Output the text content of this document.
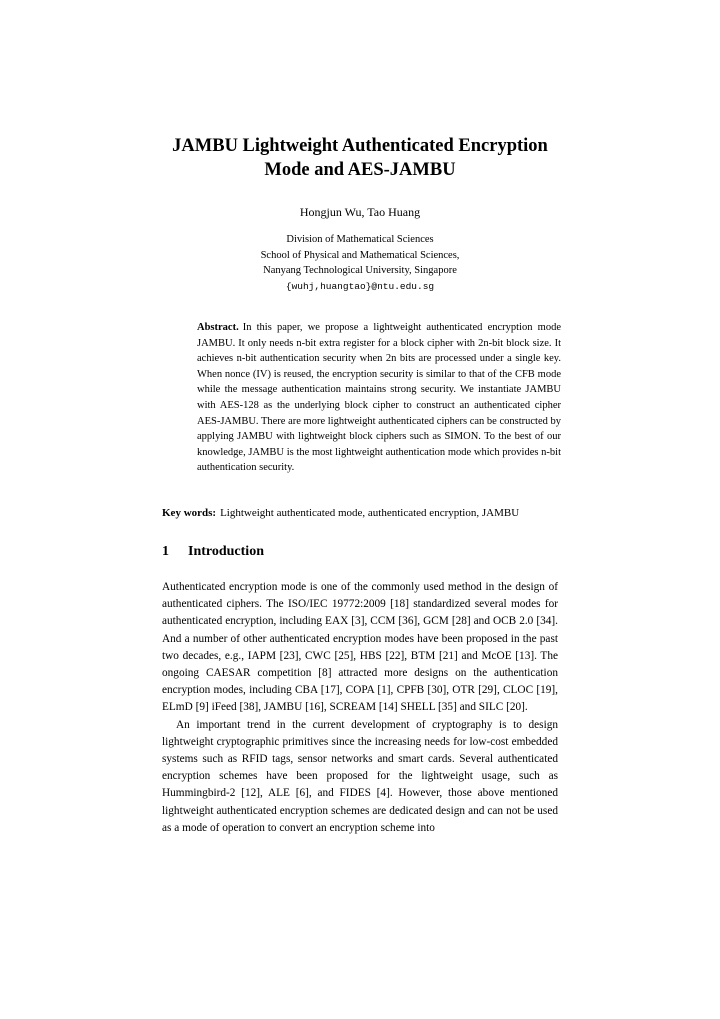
JAMBU Lightweight Authenticated Encryption
Mode and AES-JAMBU
Hongjun Wu, Tao Huang
Division of Mathematical Sciences
School of Physical and Mathematical Sciences,
Nanyang Technological University, Singapore
{wuhj,huangtao}@ntu.edu.sg
Abstract. In this paper, we propose a lightweight authenticated encryption mode JAMBU. It only needs n-bit extra register for a block cipher with 2n-bit block size. It achieves n-bit authentication security when 2n bits are processed under a single key. When nonce (IV) is reused, the encryption security is similar to that of the CFB mode while the message authentication maintains strong security. We instantiate JAMBU with AES-128 as the underlying block cipher to construct an authenticated cipher AES-JAMBU. There are more lightweight authenticated ciphers can be constructed by applying JAMBU with lightweight block ciphers such as SIMON. To the best of our knowledge, JAMBU is the most lightweight authentication mode which provides n-bit authentication security.
Key words: Lightweight authenticated mode, authenticated encryption, JAMBU
1 Introduction

Authenticated encryption mode is one of the commonly used method in the design of authenticated ciphers. The ISO/IEC 19772:2009 [18] standardized several modes for authenticated encryption, including EAX [3], CCM [36], GCM [28] and OCB 2.0 [34]. And a number of other authenticated encryption modes have been proposed in the past two decades, e.g., IAPM [23], CWC [25], HBS [22], BTM [21] and McOE [13]. The ongoing CAESAR competition [8] attracted more designs on the authentication encryption modes, including CBA [17], COPA [1], CPFB [30], OTR [29], CLOC [19], ELmD [9] iFeed [38], JAMBU [16], SCREAM [14] SHELL [35] and SILC [20].

An important trend in the current development of cryptography is to design lightweight cryptographic primitives since the increasing needs for low-cost embedded systems such as RFID tags, sensor networks and smart cards. Several authenticated encryption schemes have been proposed for the lightweight usage, such as Hummingbird-2 [12], ALE [6], and FIDES [4]. However, those above mentioned lightweight authenticated encryption schemes are dedicated design and can not be used as a mode of operation to convert an encryption scheme into
